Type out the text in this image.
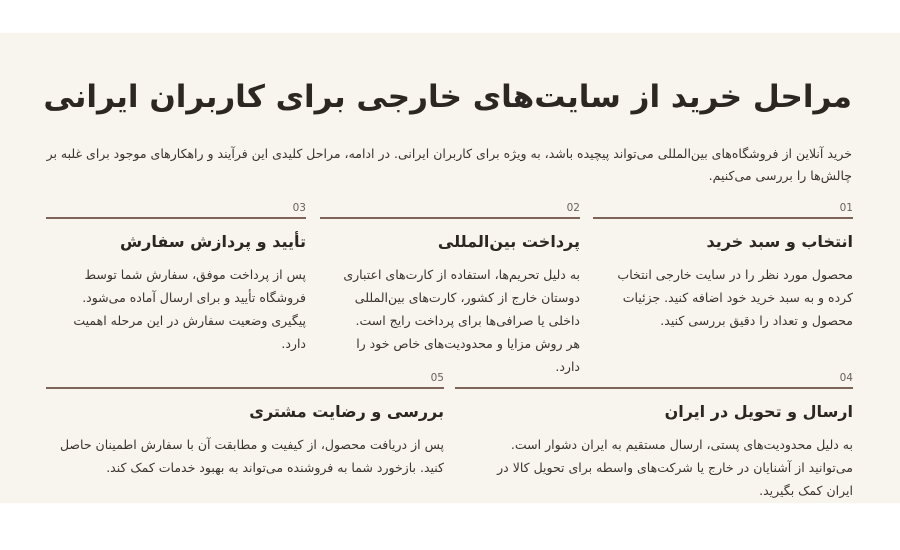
مراحل خرید از سایت‌های خارجی برای کاربران ایرانی

خرید آنلاین از فروشگاه‌های بین‌المللی می‌تواند پیچیده باشد، به ویژه برای کاربران ایرانی. در ادامه، مراحل کلیدی این فرآیند و راهکارهای موجود برای غلبه بر چالش‌ها را بررسی می‌کنیم.

01
انتخاب و سبد خرید

محصول مورد نظر را در سایت خارجی انتخاب کرده و به سبد خرید خود اضافه کنید. جزئیات محصول و تعداد را دقیق بررسی کنید.

02
پرداخت بین‌المللی

به دلیل تحریم‌ها، استفاده از کارت‌های اعتباری دوستان خارج از کشور، کارت‌های بین‌المللی داخلی یا صرافی‌ها برای پرداخت رایج است. هر روش مزایا و محدودیت‌های خاص خود را دارد.

03
تأیید و پردازش سفارش

پس از پرداخت موفق، سفارش شما توسط فروشگاه تأیید و برای ارسال آماده می‌شود. پیگیری وضعیت سفارش در این مرحله اهمیت دارد.

04
ارسال و تحویل در ایران

به دلیل محدودیت‌های پستی، ارسال مستقیم به ایران دشوار است. می‌توانید از آشنایان در خارج یا شرکت‌های واسطه برای تحویل کالا در ایران کمک بگیرید.

05
بررسی و رضایت مشتری

پس از دریافت محصول، از کیفیت و مطابقت آن با سفارش اطمینان حاصل کنید. بازخورد شما به فروشنده می‌تواند به بهبود خدمات کمک کند.
